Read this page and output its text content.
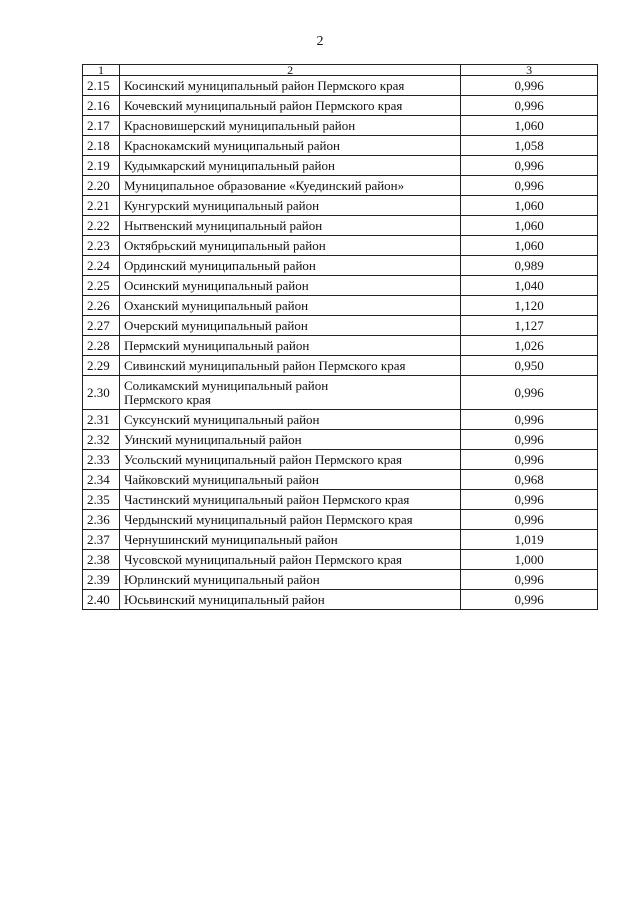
2
1	2	3
2.15	Косинский муниципальный район Пермского края	0,996
2.16	Кочевский муниципальный район Пермского края	0,996
2.17	Красновишерский муниципальный район	1,060
2.18	Краснокамский муниципальный район	1,058
2.19	Кудымкарский муниципальный район	0,996
2.20	Муниципальное образование «Куединский район»	0,996
2.21	Кунгурский муниципальный район	1,060
2.22	Нытвенский муниципальный район	1,060
2.23	Октябрьский муниципальный район	1,060
2.24	Ординский муниципальный район	0,989
2.25	Осинский муниципальный район	1,040
2.26	Оханский муниципальный район	1,120
2.27	Очерский муниципальный район	1,127
2.28	Пермский муниципальный район	1,026
2.29	Сивинский муниципальный район Пермского края	0,950
2.30	Соликамский муниципальный район
Пермского края	0,996
2.31	Суксунский муниципальный район	0,996
2.32	Уинский муниципальный район	0,996
2.33	Усольский муниципальный район Пермского края	0,996
2.34	Чайковский муниципальный район	0,968
2.35	Частинский муниципальный район Пермского края	0,996
2.36	Чердынский муниципальный район Пермского края	0,996
2.37	Чернушинский муниципальный район	1,019
2.38	Чусовской муниципальный район Пермского края	1,000
2.39	Юрлинский муниципальный район	0,996
2.40	Юсьвинский муниципальный район	0,996
